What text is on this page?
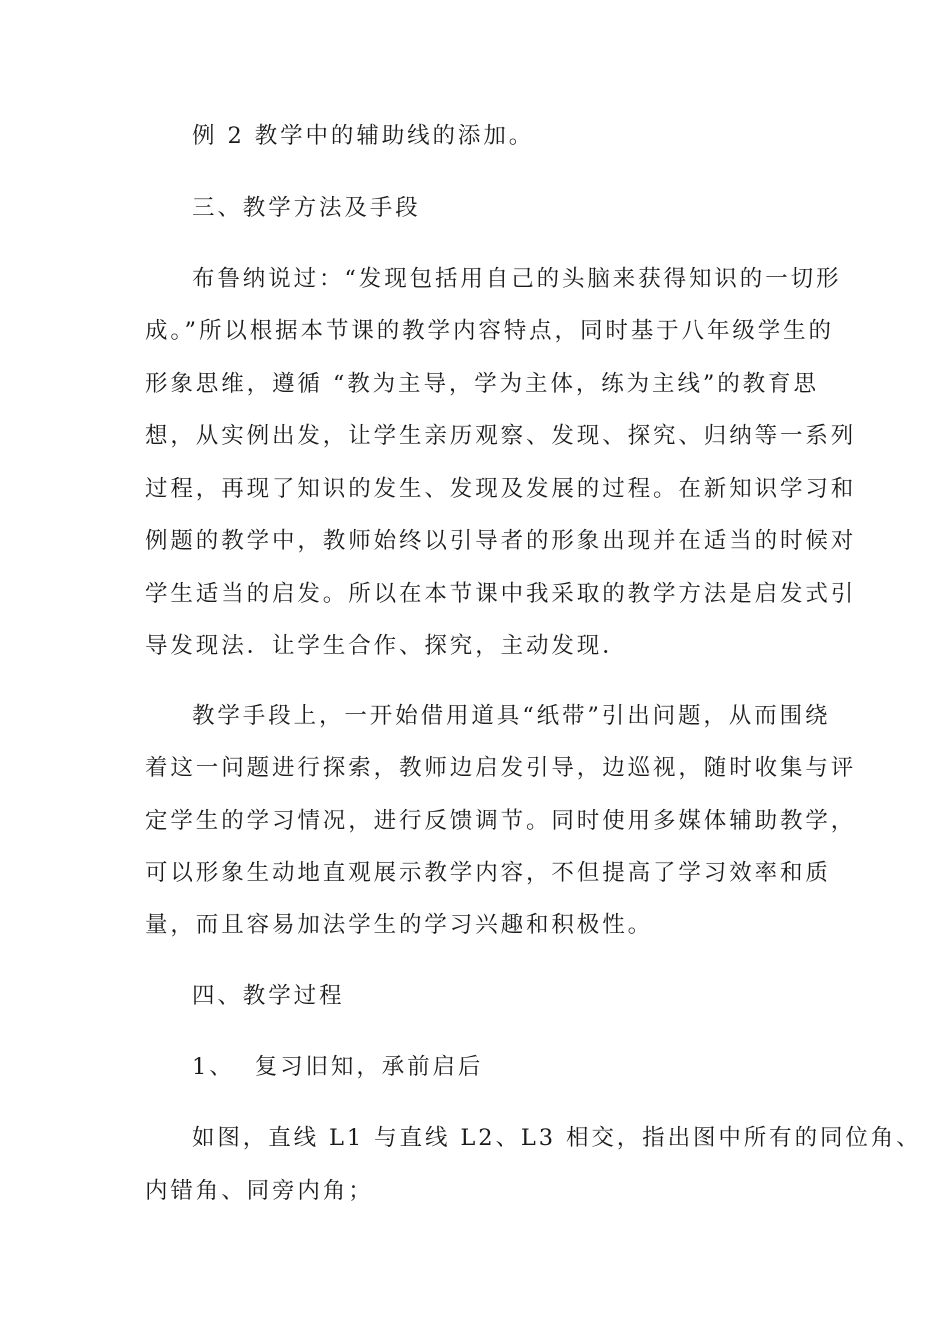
例 2 教学中的辅助线的添加。
三、教学方法及手段
布鲁纳说过：“发现包括用自己的头脑来获得知识的一切形
成。”所以根据本节课的教学内容特点，同时基于八年级学生的
形象思维，遵循 “教为主导，学为主体，练为主线”的教育思
想，从实例出发，让学生亲历观察、发现、探究、归纳等一系列
过程，再现了知识的发生、发现及发展的过程。在新知识学习和
例题的教学中，教师始终以引导者的形象出现并在适当的时候对
学生适当的启发。所以在本节课中我采取的教学方法是启发式引
导发现法．让学生合作、探究，主动发现．
教学手段上，一开始借用道具“纸带”引出问题，从而围绕
着这一问题进行探索，教师边启发引导，边巡视，随时收集与评
定学生的学习情况，进行反馈调节。同时使用多媒体辅助教学，
可以形象生动地直观展示教学内容，不但提高了学习效率和质
量，而且容易加法学生的学习兴趣和积极性。
四、教学过程
1、  复习旧知，承前启后
如图，直线 L1 与直线 L2、L3 相交，指出图中所有的同位角、
内错角、同旁内角；
